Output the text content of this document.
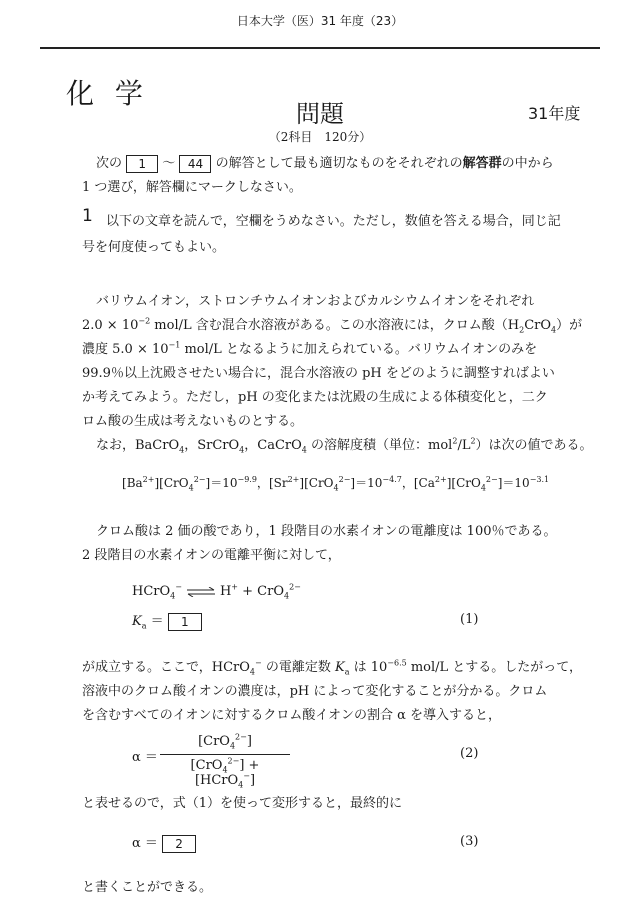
日本大学（医）31 年度（23）
化 学
問題	31年度
（2科目　120分）
次の 1 〜 44 の解答として最も適切なものをそれぞれの解答群の中から
1 つ選び，解答欄にマークしなさい。
1 以下の文章を読んで，空欄をうめなさい。ただし，数値を答える場合，同じ記
号を何度使ってもよい。
バリウムイオン，ストロンチウムイオンおよびカルシウムイオンをそれぞれ
$2.0 \times 10^{-2}$ mol/L 含む混合水溶液がある。この水溶液には，クロム酸$(H_2CrO_4)$が
濃度 $5.0 \times 10^{-1}$ mol/L となるように加えられている。バリウムイオンのみを
99.9％以上沈殿させたい場合に，混合水溶液の pH をどのように調整すればよい
か考えてみよう。ただし，pH の変化または沈殿の生成による体積変化と，二ク
ロム酸の生成は考えないものとする。
なお，BaCrO$_4$，SrCrO$_4$，CaCrO$_4$ の溶解度積（単位：$mol^2/L^2$）は次の値である。
$[Ba^{2+}][CrO_4^{2-}]=10^{-9.9}$，$[Sr^{2+}][CrO_4^{2-}]=10^{-4.7}$，$[Ca^{2+}][CrO_4^{2-}]=10^{-3.1}$
クロム酸は 2 価の酸であり，1 段階目の水素イオンの電離度は 100％である。
2 段階目の水素イオンの電離平衡に対して，
HCrO$_4$− ⇌ H+ + CrO$_4^{2-}$
$K_a = 1$	(1)
が成立する。ここで，HCrO$_4$− の電離定数 $K_a$ は $10^{-6.5}$ mol/L とする。したがって，
溶液中のクロム酸イオンの濃度は，pH によって変化することが分かる。クロム
を含むすべてのイオンに対するクロム酸イオンの割合 α を導入すると，
α ＝
[CrO$_4^{2-}$]
[CrO$_4^{2-}$] + [HCrO$_4$−]
(2)
と表せるので，式（1）を使って変形すると，最終的に
α ＝ 2	(3)
と書くことができる。
